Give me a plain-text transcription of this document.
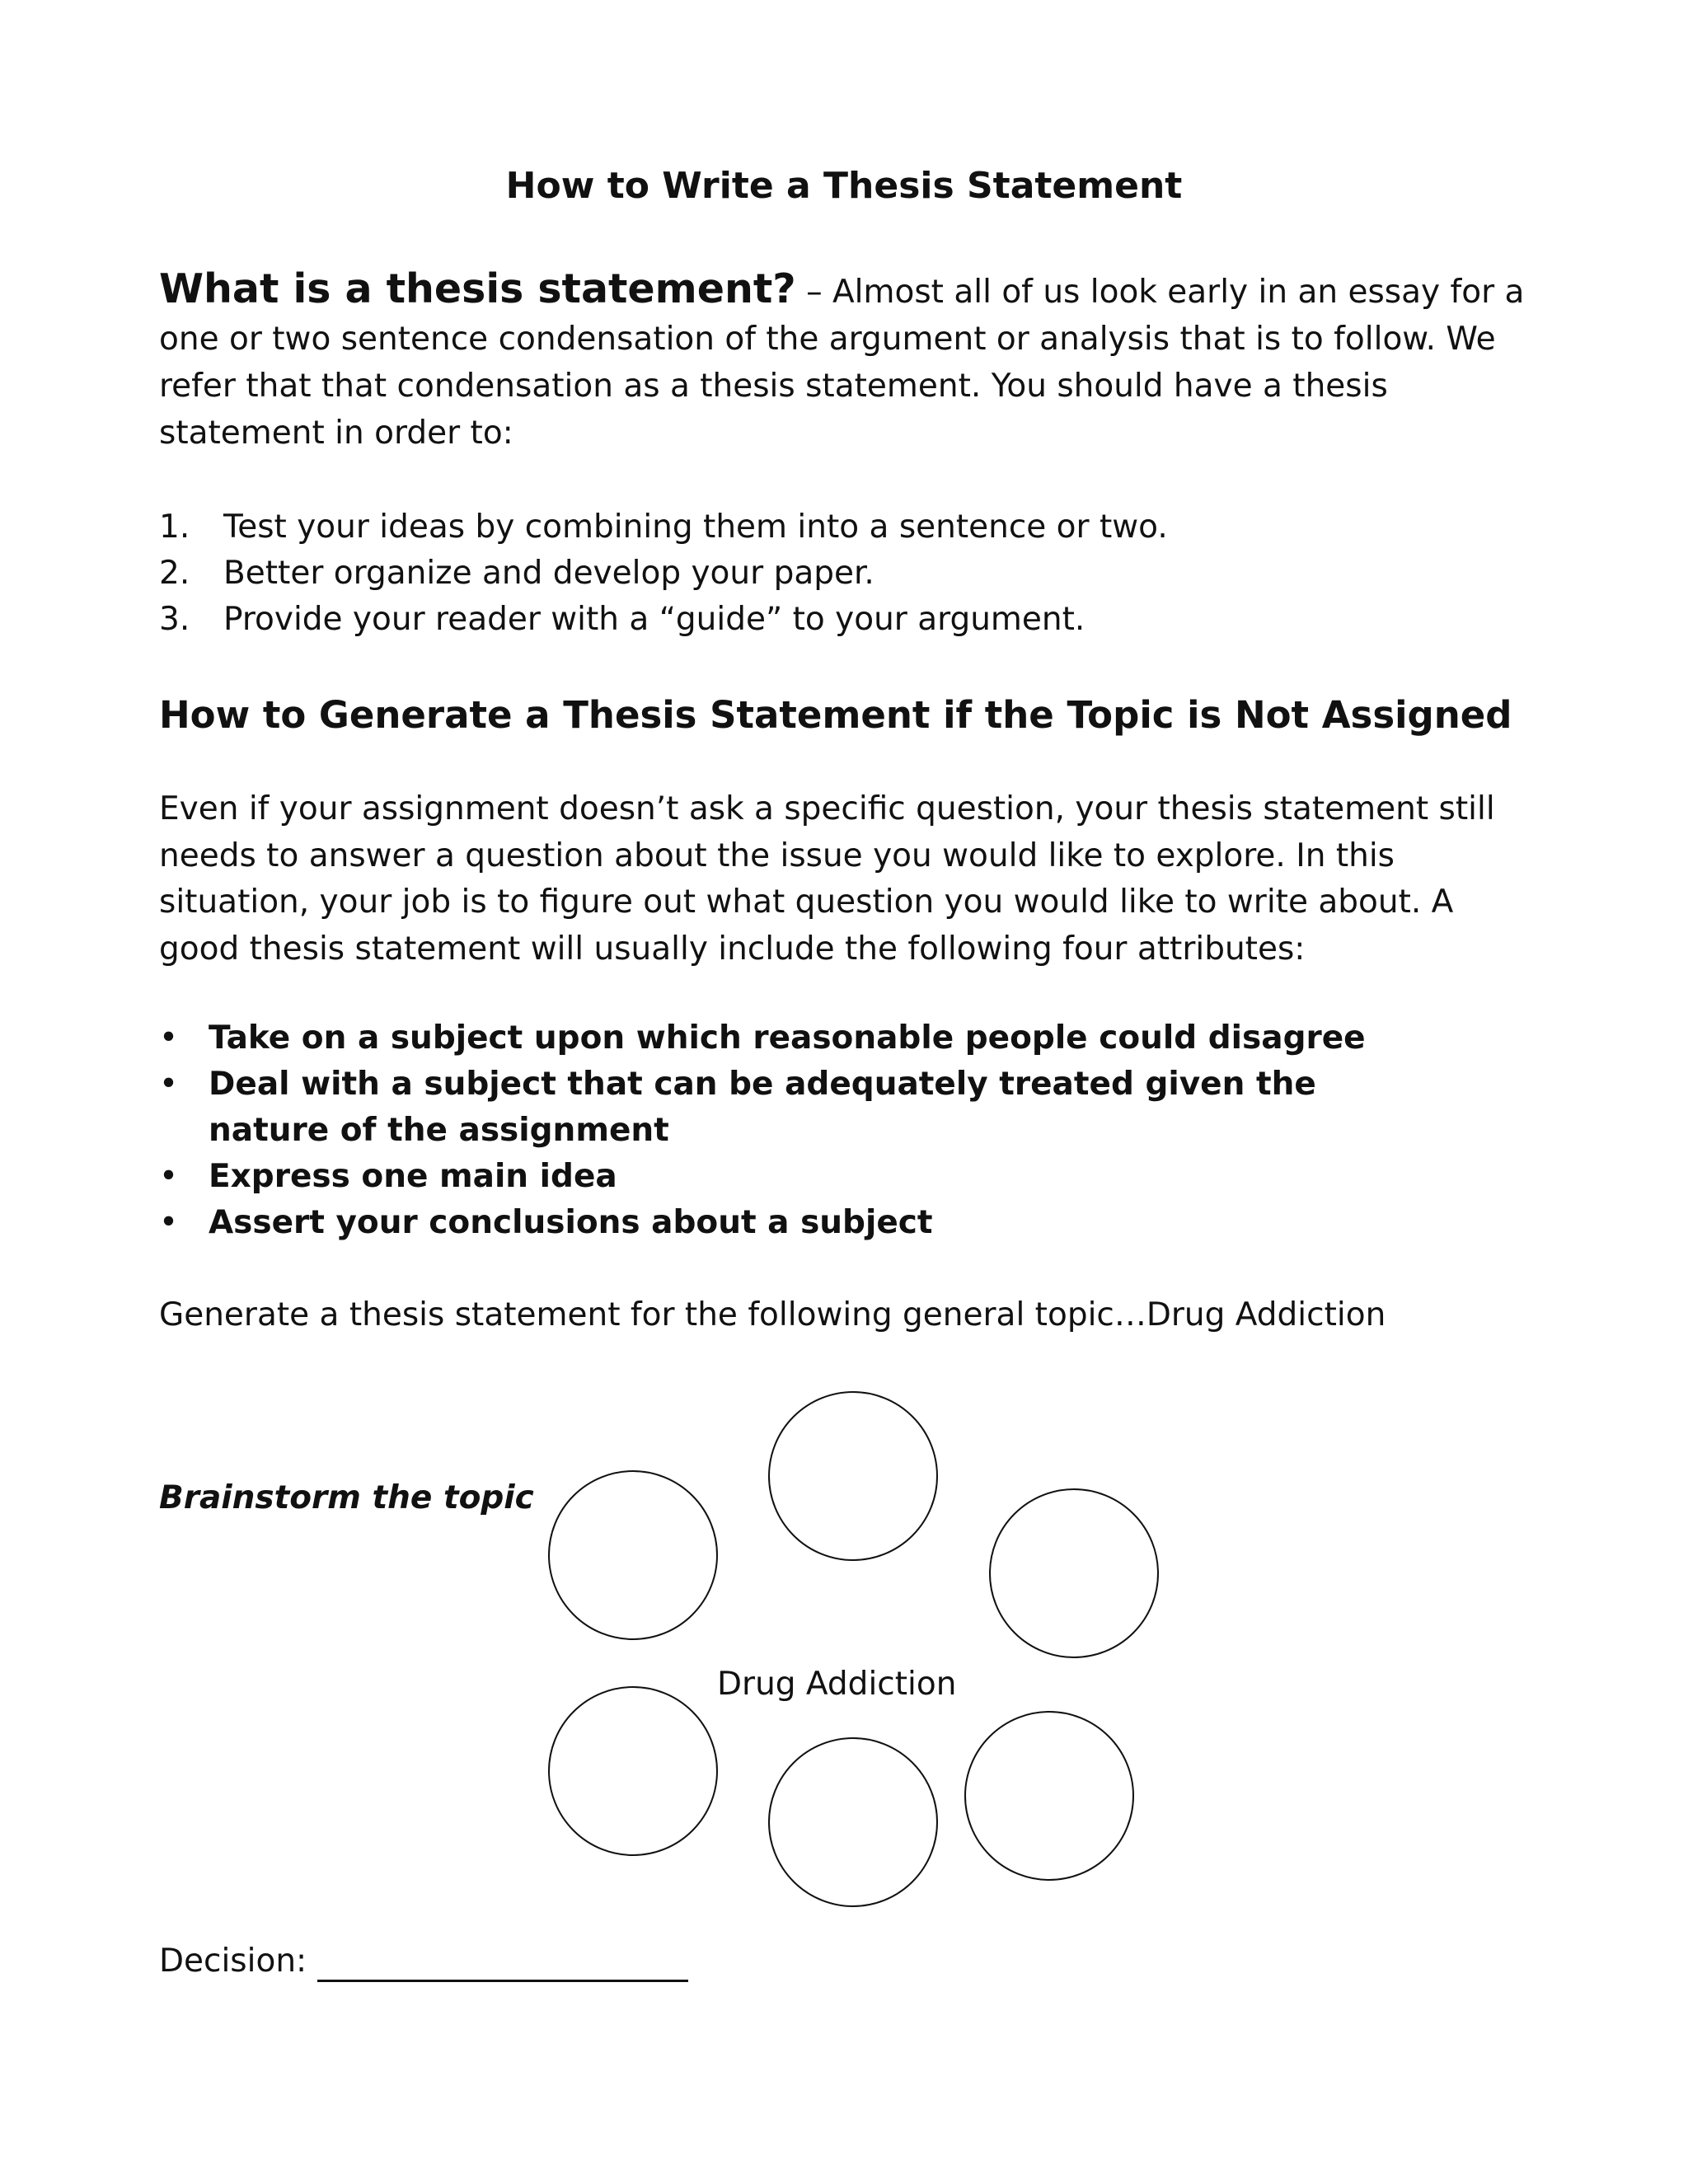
How to Write a Thesis Statement
What is a thesis statement? – Almost all of us look early in an essay for a one or two sentence condensation of the argument or analysis that is to follow. We refer that that condensation as a thesis statement. You should have a thesis statement in order to:
1. Test your ideas by combining them into a sentence or two.
2. Better organize and develop your paper.
3. Provide your reader with a “guide” to your argument.
How to Generate a Thesis Statement if the Topic is Not Assigned
Even if your assignment doesn’t ask a specific question, your thesis statement still needs to answer a question about the issue you would like to explore. In this situation, your job is to figure out what question you would like to write about. A good thesis statement will usually include the following four attributes:
• Take on a subject upon which reasonable people could disagree
• Deal with a subject that can be adequately treated given the nature of the assignment
• Express one main idea
• Assert your conclusions about a subject
Generate a thesis statement for the following general topic…Drug Addiction
Brainstorm the topic
Drug Addiction
Decision:
